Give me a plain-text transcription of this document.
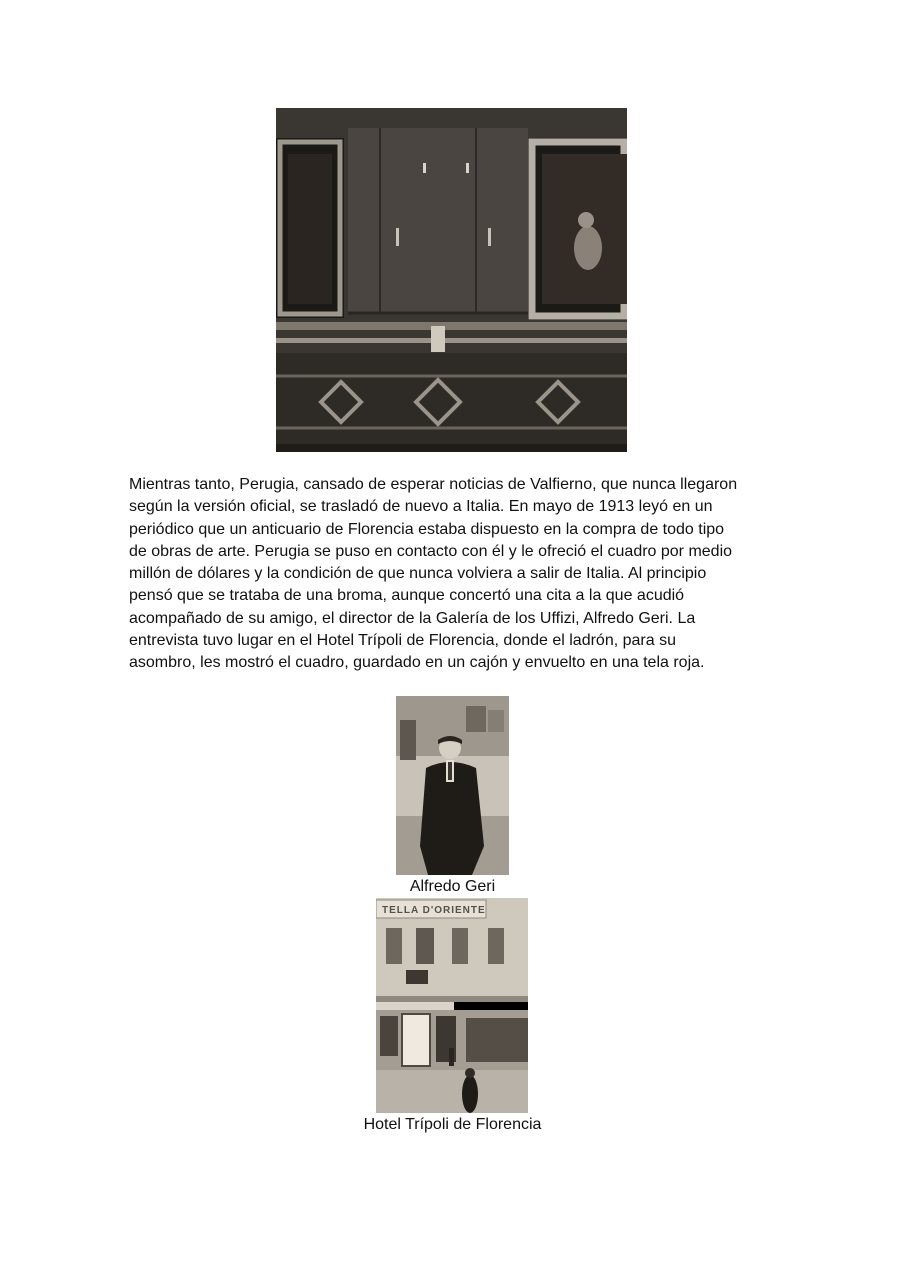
Mientras tanto, Perugia, cansado de esperar noticias de Valfierno, que nunca llegaron
según la versión oficial, se trasladó de nuevo a Italia. En mayo de 1913 leyó en un
periódico que un anticuario de Florencia estaba dispuesto en la compra de todo tipo
de obras de arte. Perugia se puso en contacto con él y le ofreció el cuadro por medio
millón de dólares y la condición de que nunca volviera a salir de Italia. Al principio
pensó que se trataba de una broma, aunque concertó una cita a la que acudió
acompañado de su amigo, el director de la Galería de los Uffizi, Alfredo Geri. La
entrevista tuvo lugar en el Hotel Trípoli de Florencia, donde el ladrón, para su
asombro, les mostró el cuadro, guardado en un cajón y envuelto en una tela roja.

Alfredo Geri

TELLA D'ORIENTE

Hotel Trípoli de Florencia
